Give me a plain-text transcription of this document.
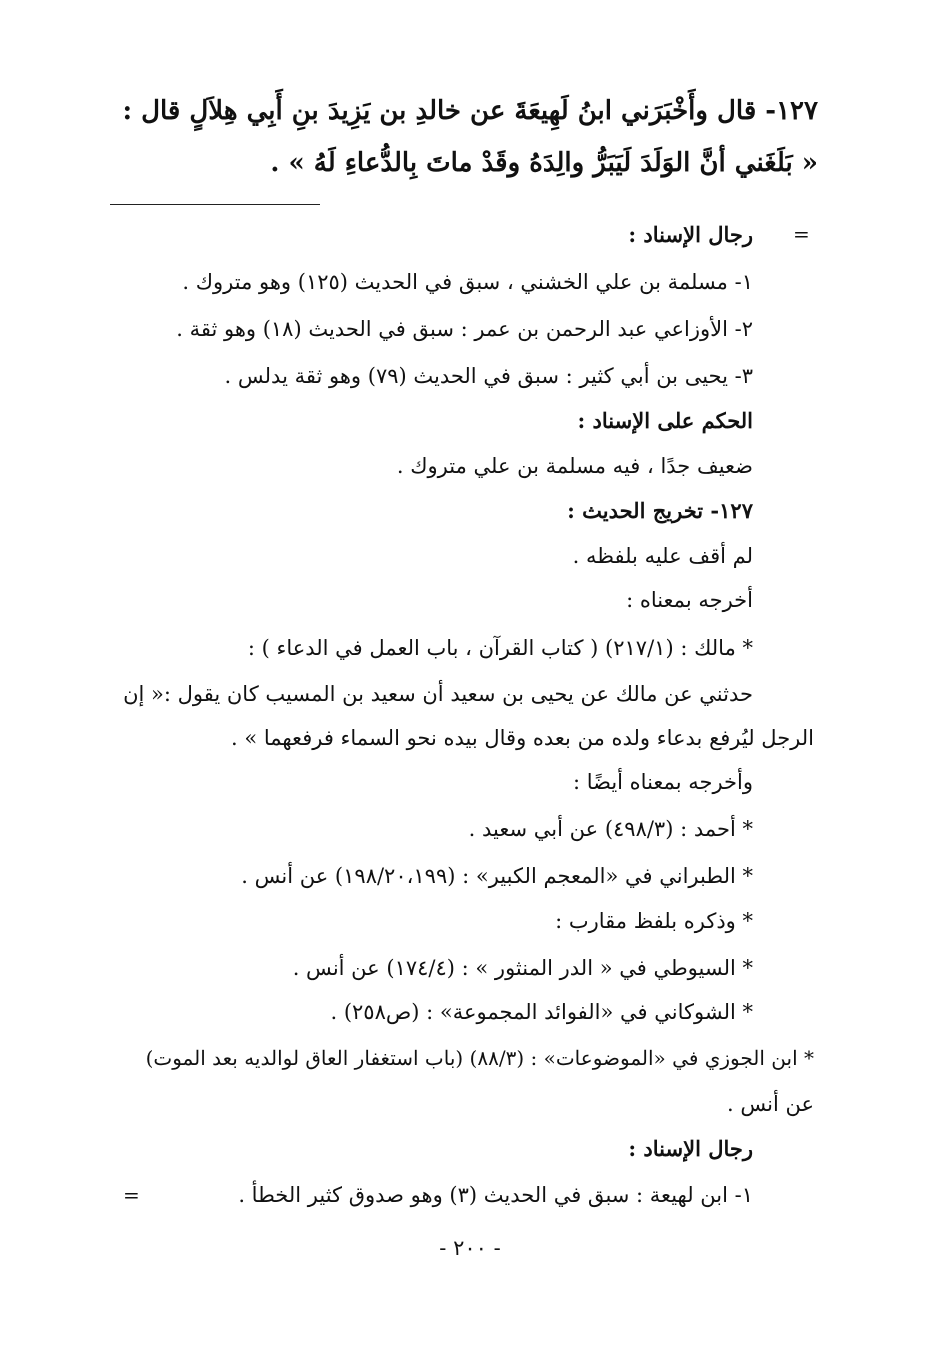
١٢٧- قال وأَخْبَرَني ابنُ لَهِيعَةَ عن خالدِ بن يَزِيدَ بنِ أَبِي هِلاَلٍ قال :
« بَلَغَني أنَّ الوَلَدَ لَيَبَرُّ والِدَهُ وقَدْ ماتَ بِالدُّعاءِ لَهُ » .
=
رجال الإسناد :
١- مسلمة بن علي الخشني ، سبق في الحديث (١٢٥) وهو متروك .
٢- الأوزاعي عبد الرحمن بن عمر : سبق في الحديث (١٨) وهو ثقة .
٣- يحيى بن أبي كثير : سبق في الحديث (٧٩) وهو ثقة يدلس .
الحكم على الإسناد :
ضعيف جدًا ، فيه مسلمة بن علي متروك .
١٢٧- تخريج الحديث :
لم أقف عليه بلفظه .
أخرجه بمعناه :
* مالك : (٢١٧/١) ( كتاب القرآن ، باب العمل في الدعاء ) :
حدثني عن مالك عن يحيى بن سعيد أن سعيد بن المسيب كان يقول :« إن
الرجل ليُرفع بدعاء ولده من بعده وقال بيده نحو السماء فرفعهما » .
وأخرجه بمعناه أيضًا :
* أحمد : (٤٩٨/٣) عن أبي سعيد .
* الطبراني في «المعجم الكبير» : (١٩٨/٢٠،١٩٩) عن أنس .
* وذكره بلفظ مقارب :
* السيوطي في « الدر المنثور » : (١٧٤/٤) عن أنس .
* الشوكاني في «الفوائد المجموعة» : (ص٢٥٨) .
* ابن الجوزي في «الموضوعات» : (٨٨/٣) (باب استغفار العاق لوالديه بعد الموت)
عن أنس .
رجال الإسناد :
١- ابن لهيعة : سبق في الحديث (٣) وهو صدوق كثير الخطأ .
=
- ٢٠٠ -
